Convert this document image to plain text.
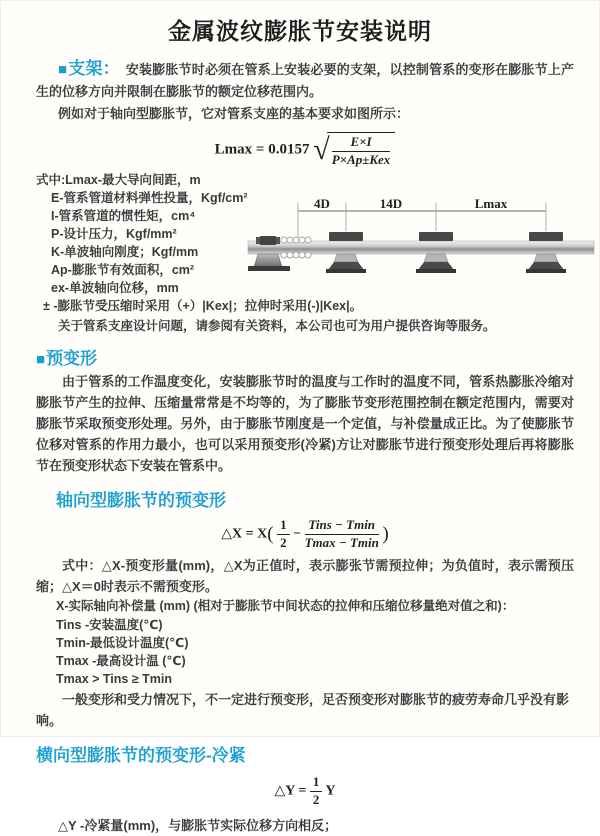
金属波纹膨胀节安装说明

■支架： 安装膨胀节时必须在管系上安装必要的支架，以控制管系的变形在膨胀节上产生的位移方向并限制在膨胀节的额定位移范围内。

例如对于轴向型膨胀节，它对管系支座的基本要求如图所示：

Lmax = 0.0157 √ $\frac{E\times I}{\text{P×Ap±Kex}}$
式中:Lmax-最大导向间距，m
E-管系管道材料弹性投量，Kgf/cm²
I-管系管道的惯性矩，cm⁴
P-设计压力，Kgf/mm²
K-单波轴向刚度；Kgf/mm
Ap-膨胀节有效面积，cm²
ex-单波轴向位移，mm
± -膨胀节受压缩时采用（+）|Kex|；拉伸时采用(-)|Kex|。
关于管系支座设计问题，请参阅有关资料，本公司也可为用户提供咨询等服务。
4D	14D	Lmax
■预变形

由于管系的工作温度变化，安装膨胀节时的温度与工作时的温度不同，管系热膨胀冷缩对膨胀节产生的拉伸、压缩量常常是不均等的，为了膨胀节变形范围控制在额定范围内，需要对膨胀节采取预变形处理。另外，由于膨胀节刚度是一个定值，与补偿量成正比。为了使膨胀节位移对管系的作用力最小，也可以采用预变形(冷紧)方让对膨胀节进行预变形处理后再将膨胀节在预变形状态下安装在管系中。

轴向型膨胀节的预变形
△X = $X( \frac{1}{2} - \frac{\text{Tins − Tmin}}{Tmax - Tmin}$ )

式中：△X-预变形量(mm)，△X为正值时，表示膨张节需预拉伸；为负值时，表示需预压缩；△X＝0时表示不需预变形。

X-实际轴向补偿量 (mm) (相对于膨胀节中间状态的拉伸和压缩位移量绝对值之和)：
Tins -安装温度(℃)
Tmin-最低设计温度(℃)
Tmax -最高设计温 (℃)
Tmax > Tins ≥ Tmin

一般变形和受力情况下，不一定进行预变形，足否预变形对膨胀节的疲劳寿命几乎没有影响。

横向型膨胀节的预变形-冷紧
△Y = $\frac{1}{2}$ Y
△Y -冷紧量(mm)，与膨胀节实际位移方向相反；
